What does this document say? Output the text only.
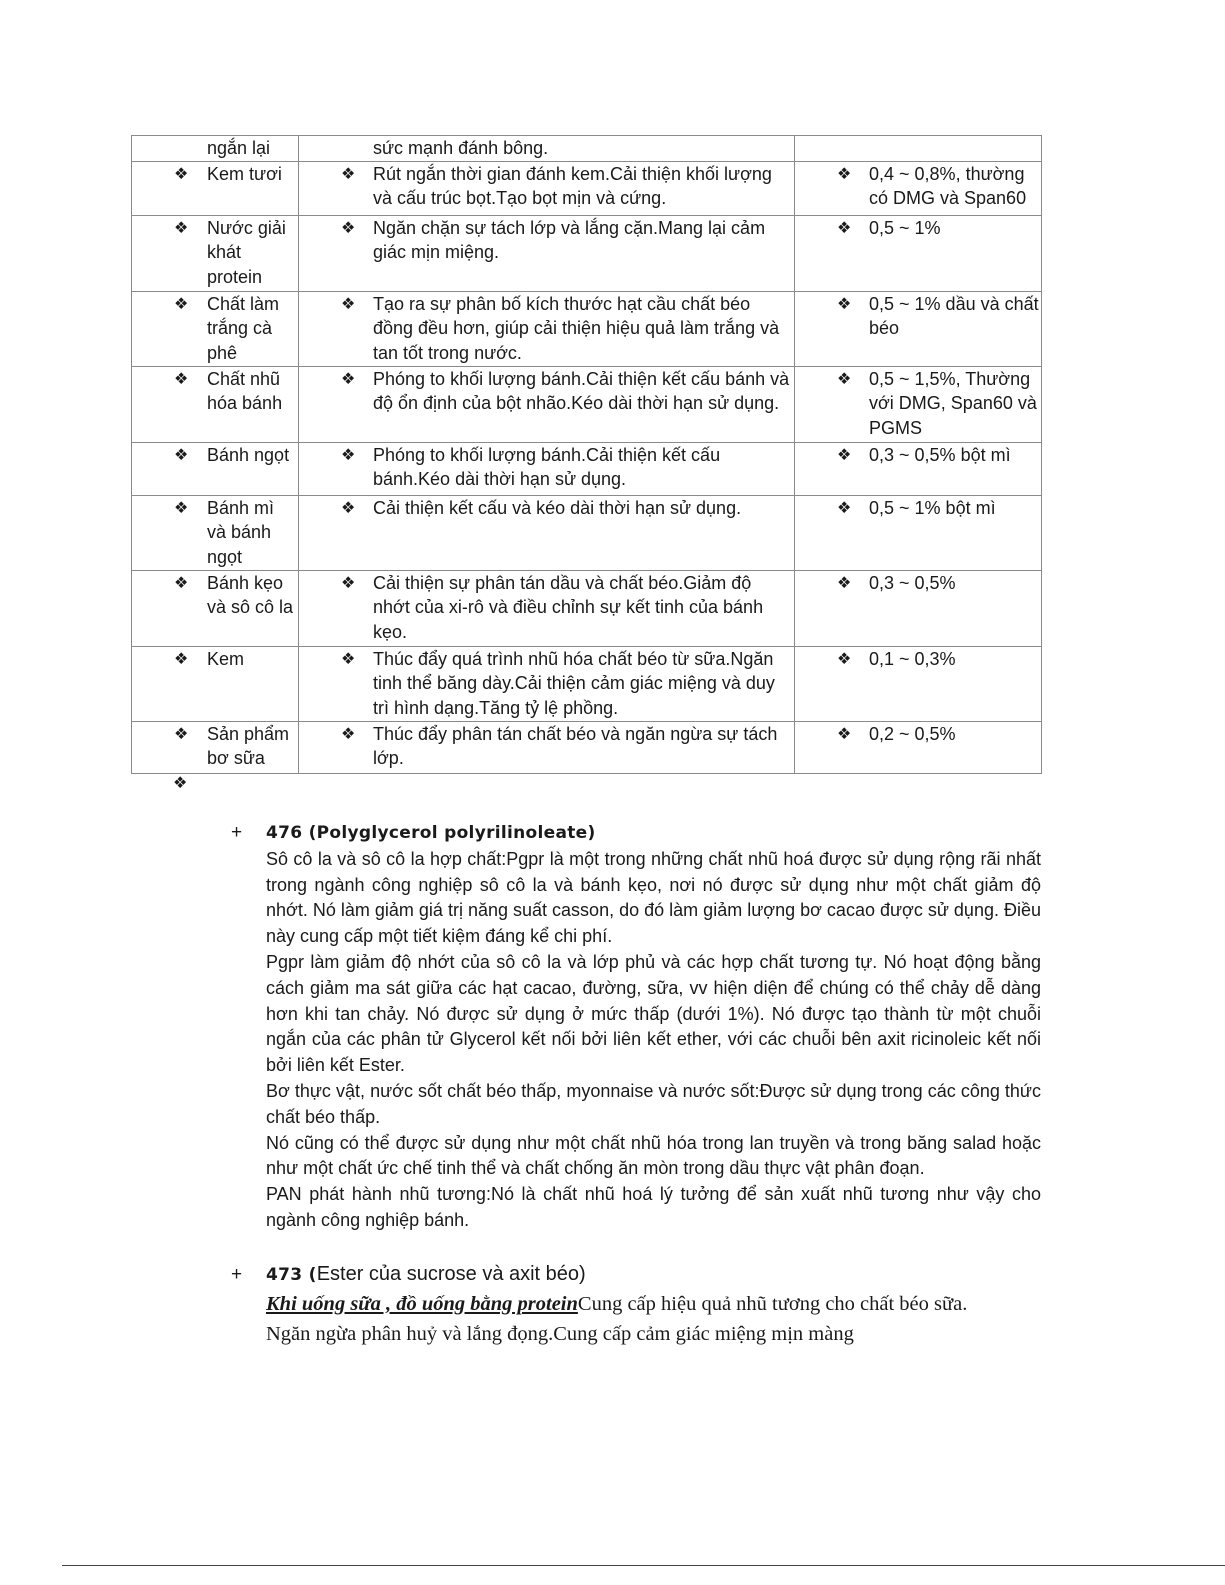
ngắn lại	sức mạnh đánh bông.	

❖ Kem tươi	❖ Rút ngắn thời gian đánh kem.Cải thiện khối lượng và cấu trúc bọt.Tạo bọt mịn và cứng.	❖ 0,4 ~ 0,8%, thường có DMG và Span60

❖ Nước giải khát protein	❖ Ngăn chặn sự tách lớp và lắng cặn.Mang lại cảm giác mịn miệng.	❖ 0,5 ~ 1%

❖ Chất làm trắng cà phê	❖ Tạo ra sự phân bố kích thước hạt cầu chất béo đồng đều hơn, giúp cải thiện hiệu quả làm trắng và tan tốt trong nước.	❖ 0,5 ~ 1% dầu và chất béo

❖ Chất nhũ hóa bánh	❖ Phóng to khối lượng bánh.Cải thiện kết cấu bánh và độ ổn định của bột nhão.Kéo dài thời hạn sử dụng.	❖ 0,5 ~ 1,5%, Thường với DMG, Span60 và PGMS

❖ Bánh ngọt	❖ Phóng to khối lượng bánh.Cải thiện kết cấu bánh.Kéo dài thời hạn sử dụng.	❖ 0,3 ~ 0,5% bột mì

❖ Bánh mì và bánh ngọt	❖ Cải thiện kết cấu và kéo dài thời hạn sử dụng.	❖ 0,5 ~ 1% bột mì

❖ Bánh kẹo và sô cô la	❖ Cải thiện sự phân tán dầu và chất béo.Giảm độ nhớt của xi-rô và điều chỉnh sự kết tinh của bánh kẹo.	❖ 0,3 ~ 0,5%

❖ Kem	❖ Thúc đẩy quá trình nhũ hóa chất béo từ sữa.Ngăn tinh thể băng dày.Cải thiện cảm giác miệng và duy trì hình dạng.Tăng tỷ lệ phồng.	❖ 0,1 ~ 0,3%

❖ Sản phẩm bơ sữa	❖ Thúc đẩy phân tán chất béo và ngăn ngừa sự tách lớp.	❖ 0,2 ~ 0,5%
❖
+ 476 (Polyglycerol polyrilinoleate)

Sô cô la và sô cô la hợp chất:Pgpr là một trong những chất nhũ hoá được sử dụng rộng rãi nhất trong ngành công nghiệp sô cô la và bánh kẹo, nơi nó được sử dụng như một chất giảm độ nhớt. Nó làm giảm giá trị năng suất casson, do đó làm giảm lượng bơ cacao được sử dụng. Điều này cung cấp một tiết kiệm đáng kể chi phí.

Pgpr làm giảm độ nhớt của sô cô la và lớp phủ và các hợp chất tương tự. Nó hoạt động bằng cách giảm ma sát giữa các hạt cacao, đường, sữa, vv hiện diện để chúng có thể chảy dễ dàng hơn khi tan chảy. Nó được sử dụng ở mức thấp (dưới 1%). Nó được tạo thành từ một chuỗi ngắn của các phân tử Glycerol kết nối bởi liên kết ether, với các chuỗi bên axit ricinoleic kết nối bởi liên kết Ester.

Bơ thực vật, nước sốt chất béo thấp, myonnaise và nước sốt:Được sử dụng trong các công thức chất béo thấp.

Nó cũng có thể được sử dụng như một chất nhũ hóa trong lan truyền và trong băng salad hoặc như một chất ức chế tinh thể và chất chống ăn mòn trong dầu thực vật phân đoạn.

PAN phát hành nhũ tương:Nó là chất nhũ hoá lý tưởng để sản xuất nhũ tương như vậy cho ngành công nghiệp bánh.

+ 473 (Ester của sucrose và axit béo)
Khi uống sữa , đồ uống bằng proteinCung cấp hiệu quả nhũ tương cho chất béo sữa.
Ngăn ngừa phân huỷ và lắng đọng.Cung cấp cảm giác miệng mịn màng
